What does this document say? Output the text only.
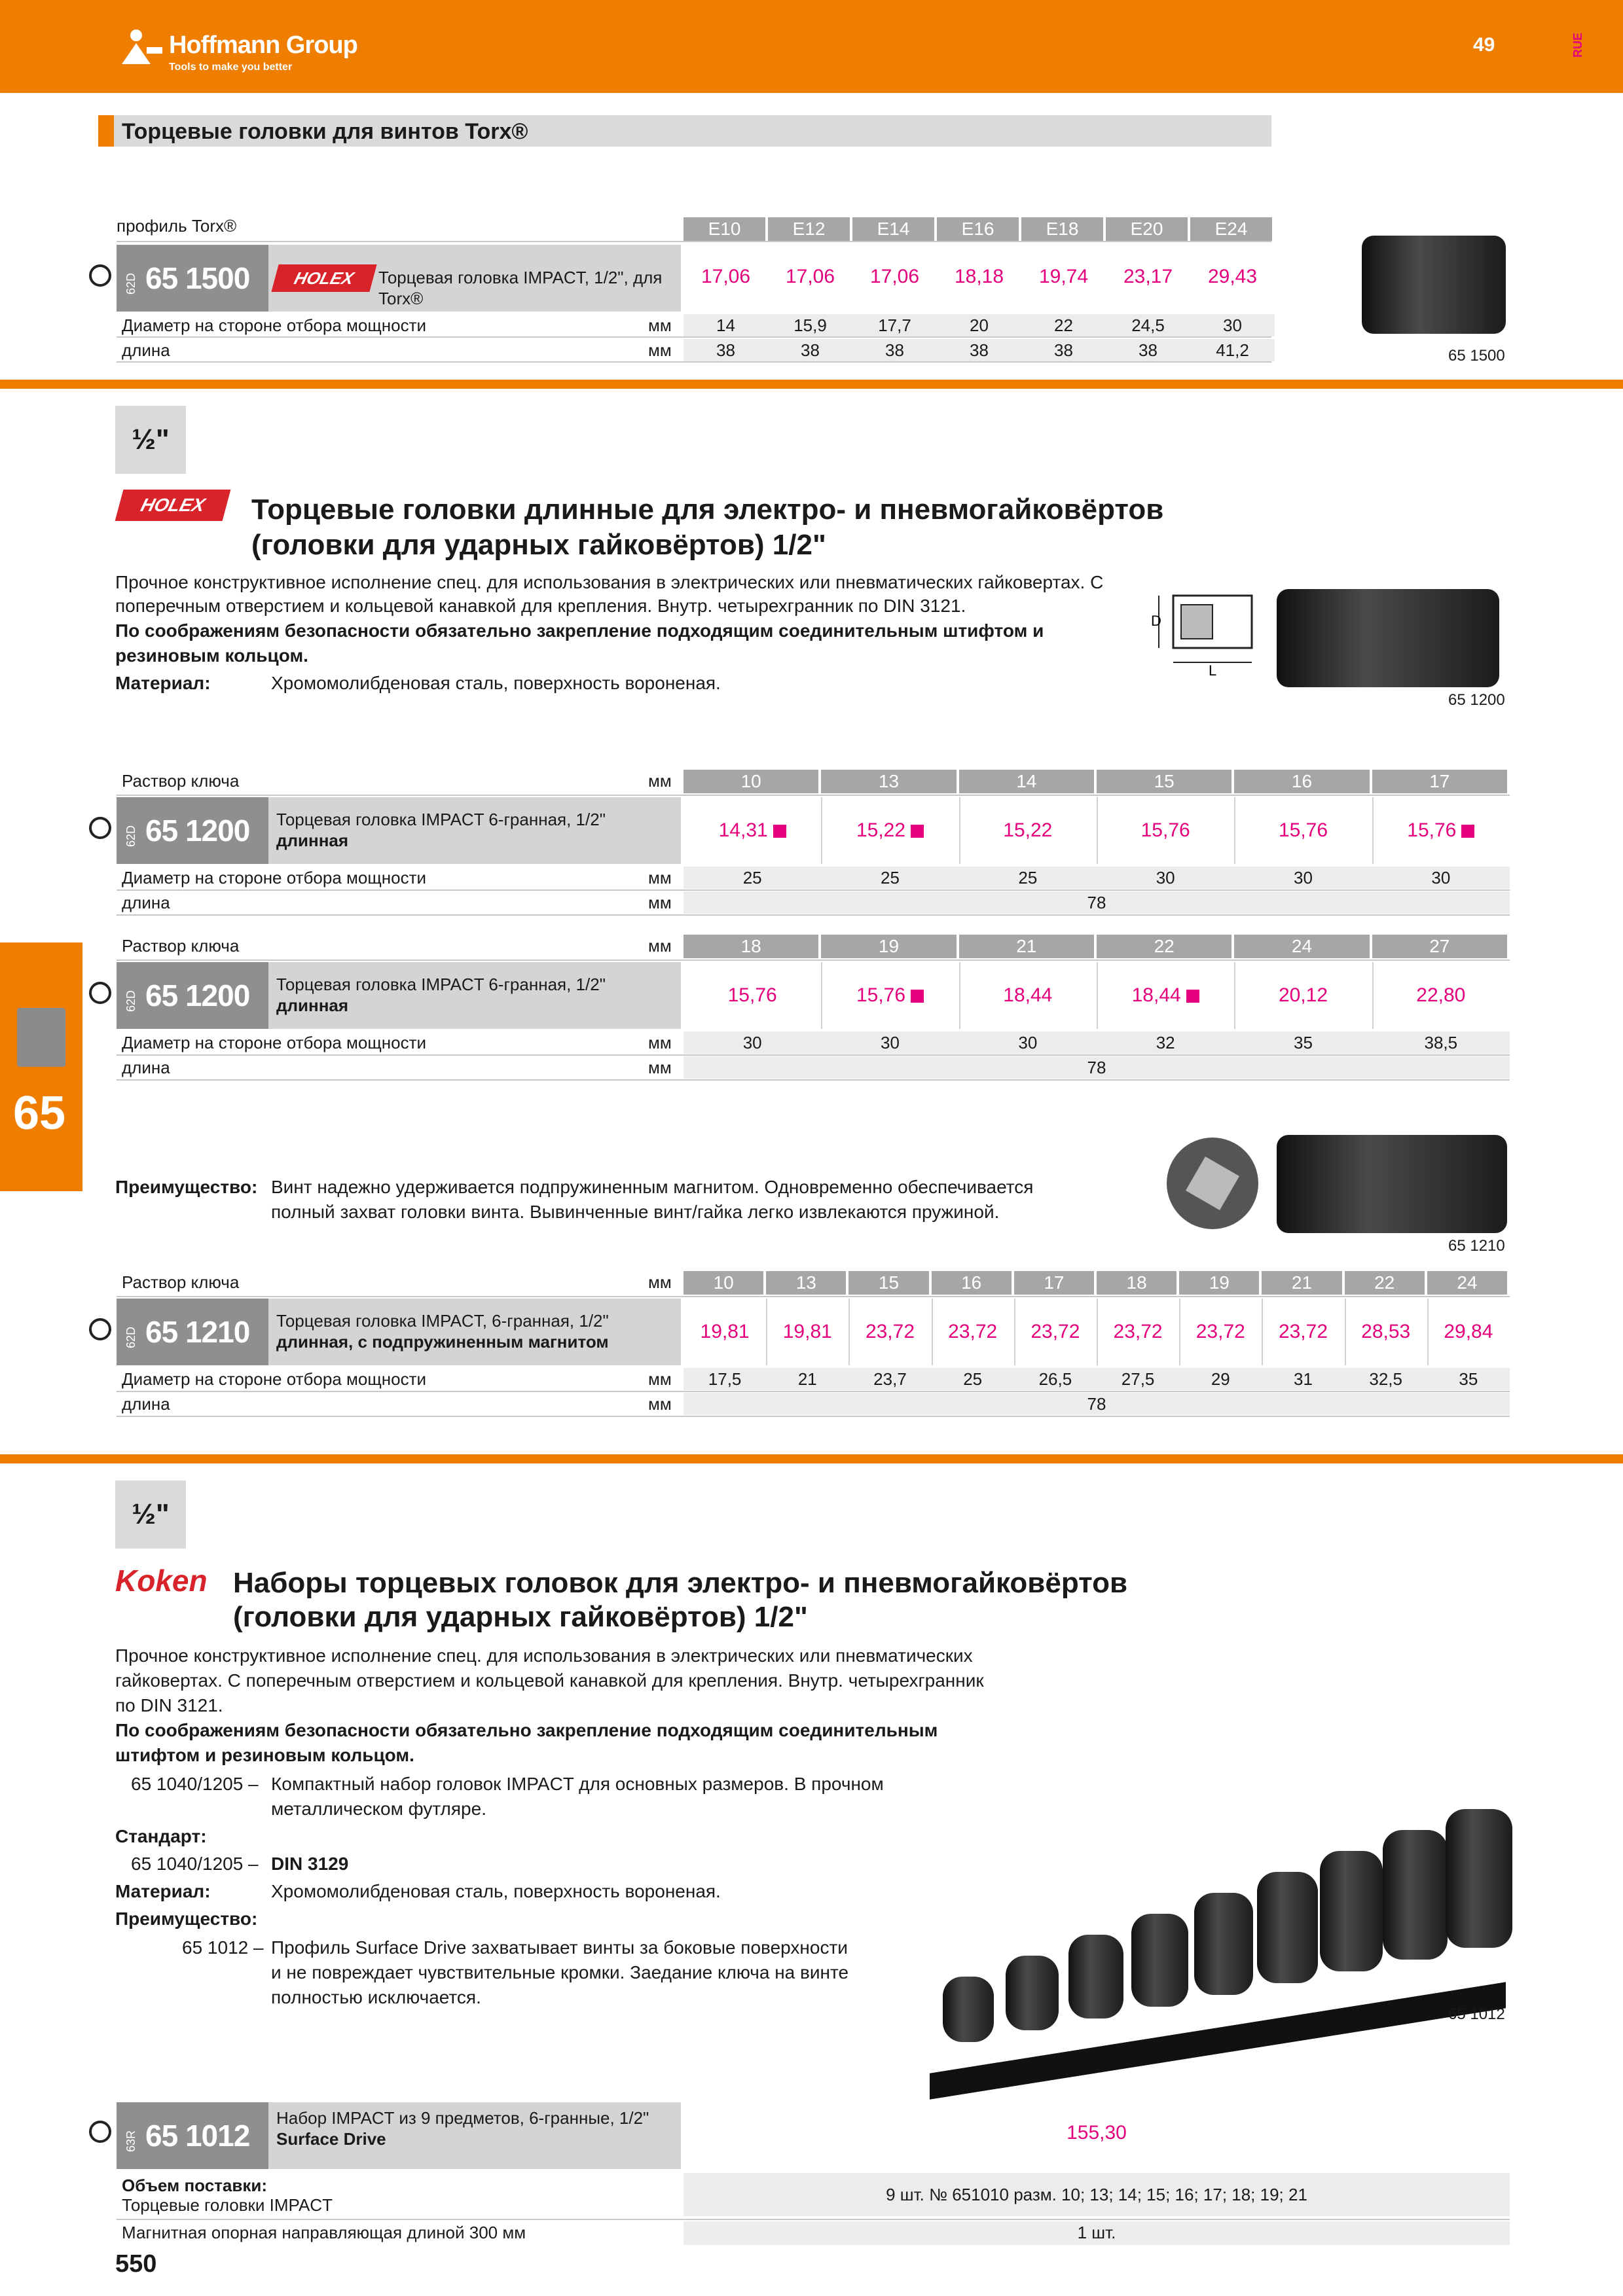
Hoffmann Group
Tools to make you better
49	RUE
Торцевые головки для винтов Torx®
профиль Torx®	E10	E12	E14	E16	E18	E20	E24
62D 65 1500	HOLEX	Торцевая головка IMPACT, 1/2", для Torx®
17,06	17,06	17,06	18,18	19,74	23,17	29,43
Диаметр на стороне отбора мощности	мм	14	15,9	17,7	20	22	24,5	30
длина	мм	38	38	38	38	38	38	41,2	65 1500
½"
HOLEX	Торцевые головки длинные для электро- и пневмогайковёртов
(головки для ударных гайковёртов) 1/2"
Прочное конструктивное исполнение спец. для использования в электрических или пневматических гайковертах. С
поперечным отверстием и кольцевой канавкой для крепления. Внутр. четырехгранник по DIN 3121.
По соображениям безопасности обязательно закрепление подходящим соединительным штифтом и
резиновым кольцом.
Материал:	Хромомолибденовая сталь, поверхность вороненая.
D
L
65 1200
Раствор ключа	мм	10	13	14	15	16	17
62D 65 1200 Торцевая головка IMPACT 6-гранная, 1/2"
длинная	14,31	15,22	15,22	15,76	15,76	15,76
Диаметр на стороне отбора мощности	мм	25	25	25	30	30	30
длина	мм	78
Раствор ключа	мм	18	19	21	22	24	27
62D 65 1200 Торцевая головка IMPACT 6-гранная, 1/2"
длинная	15,76	15,76	18,44	18,44	20,12	22,80
Диаметр на стороне отбора мощности	мм	30	30	30	32	35	38,5
длина	мм	78
65
Преимущество: Винт надежно удерживается подпружиненным магнитом. Одновременно обеспечивается
полный захват головки винта. Вывинченные винт/гайка легко извлекаются пружиной.
65 1210
Раствор ключа	мм	10	13	15	16	17	18	19	21	22	24
62D 65 1210 Торцевая головка IMPACT, 6-гранная, 1/2"
длинная, с подпружиненным магнитом	19,81	19,81	23,72	23,72	23,72	23,72	23,72	23,72	28,53	29,84
Диаметр на стороне отбора мощности	мм	17,5	21	23,7	25	26,5	27,5	29	31	32,5	35
длина	мм	78
½"
Koken Наборы торцевых головок для электро- и пневмогайковёртов
(головки для ударных гайковёртов) 1/2"
Прочное конструктивное исполнение спец. для использования в электрических или пневматических
гайковертах. С поперечным отверстием и кольцевой канавкой для крепления. Внутр. четырехгранник
по DIN 3121.
По соображениям безопасности обязательно закрепление подходящим соединительным
штифтом и резиновым кольцом.
65 1040/1205 – Компактный набор головок IMPACT для основных размеров. В прочном
металлическом футляре.
Стандарт:
65 1040/1205 – DIN 3129
Материал:	Хромомолибденовая сталь, поверхность вороненая.
Преимущество:
65 1012 – Профиль Surface Drive захватывает винты за боковые поверхности
и не повреждает чувствительные кромки. Заедание ключа на винте
полностью исключается.
65 1012
63R 65 1012
Набор IMPACT из 9 предметов, 6-гранные, 1/2"
Surface Drive	155,30
Объем поставки:
Торцевые головки IMPACT
9 шт. № 651010 разм. 10; 13; 14; 15; 16; 17; 18; 19; 21
Магнитная опорная направляющая длиной 300 мм	1 шт.
550
